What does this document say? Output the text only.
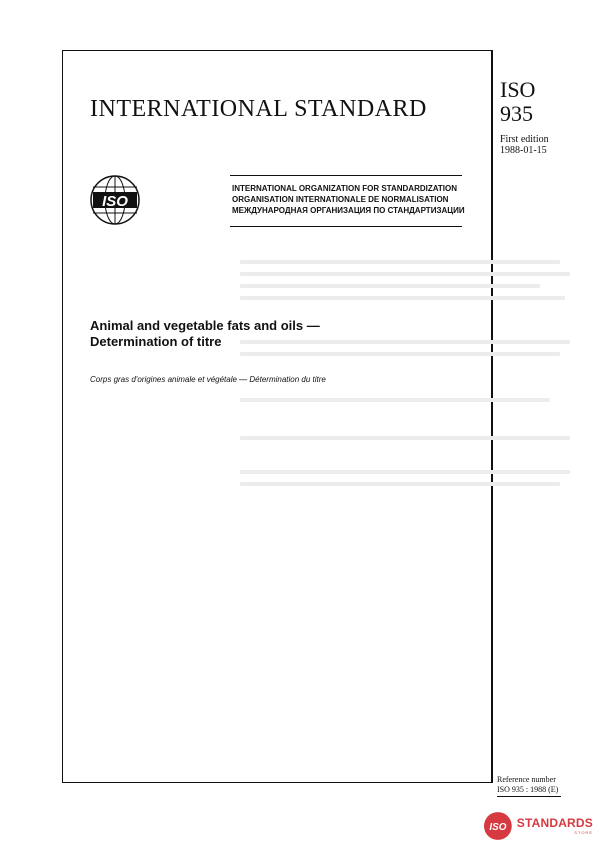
INTERNATIONAL STANDARD
ISO
935
First edition
1988-01-15
ISO
INTERNATIONAL ORGANIZATION FOR STANDARDIZATION
ORGANISATION INTERNATIONALE DE NORMALISATION
МЕЖДУНАРОДНАЯ ОРГАНИЗАЦИЯ ПО СТАНДАРТИЗАЦИИ
Animal and vegetable fats and oils —
Determination of titre
Corps gras d'origines animale et végétale — Détermination du titre
Reference number
ISO 935 : 1988 (E)
ISO STANDARDS
STORE
